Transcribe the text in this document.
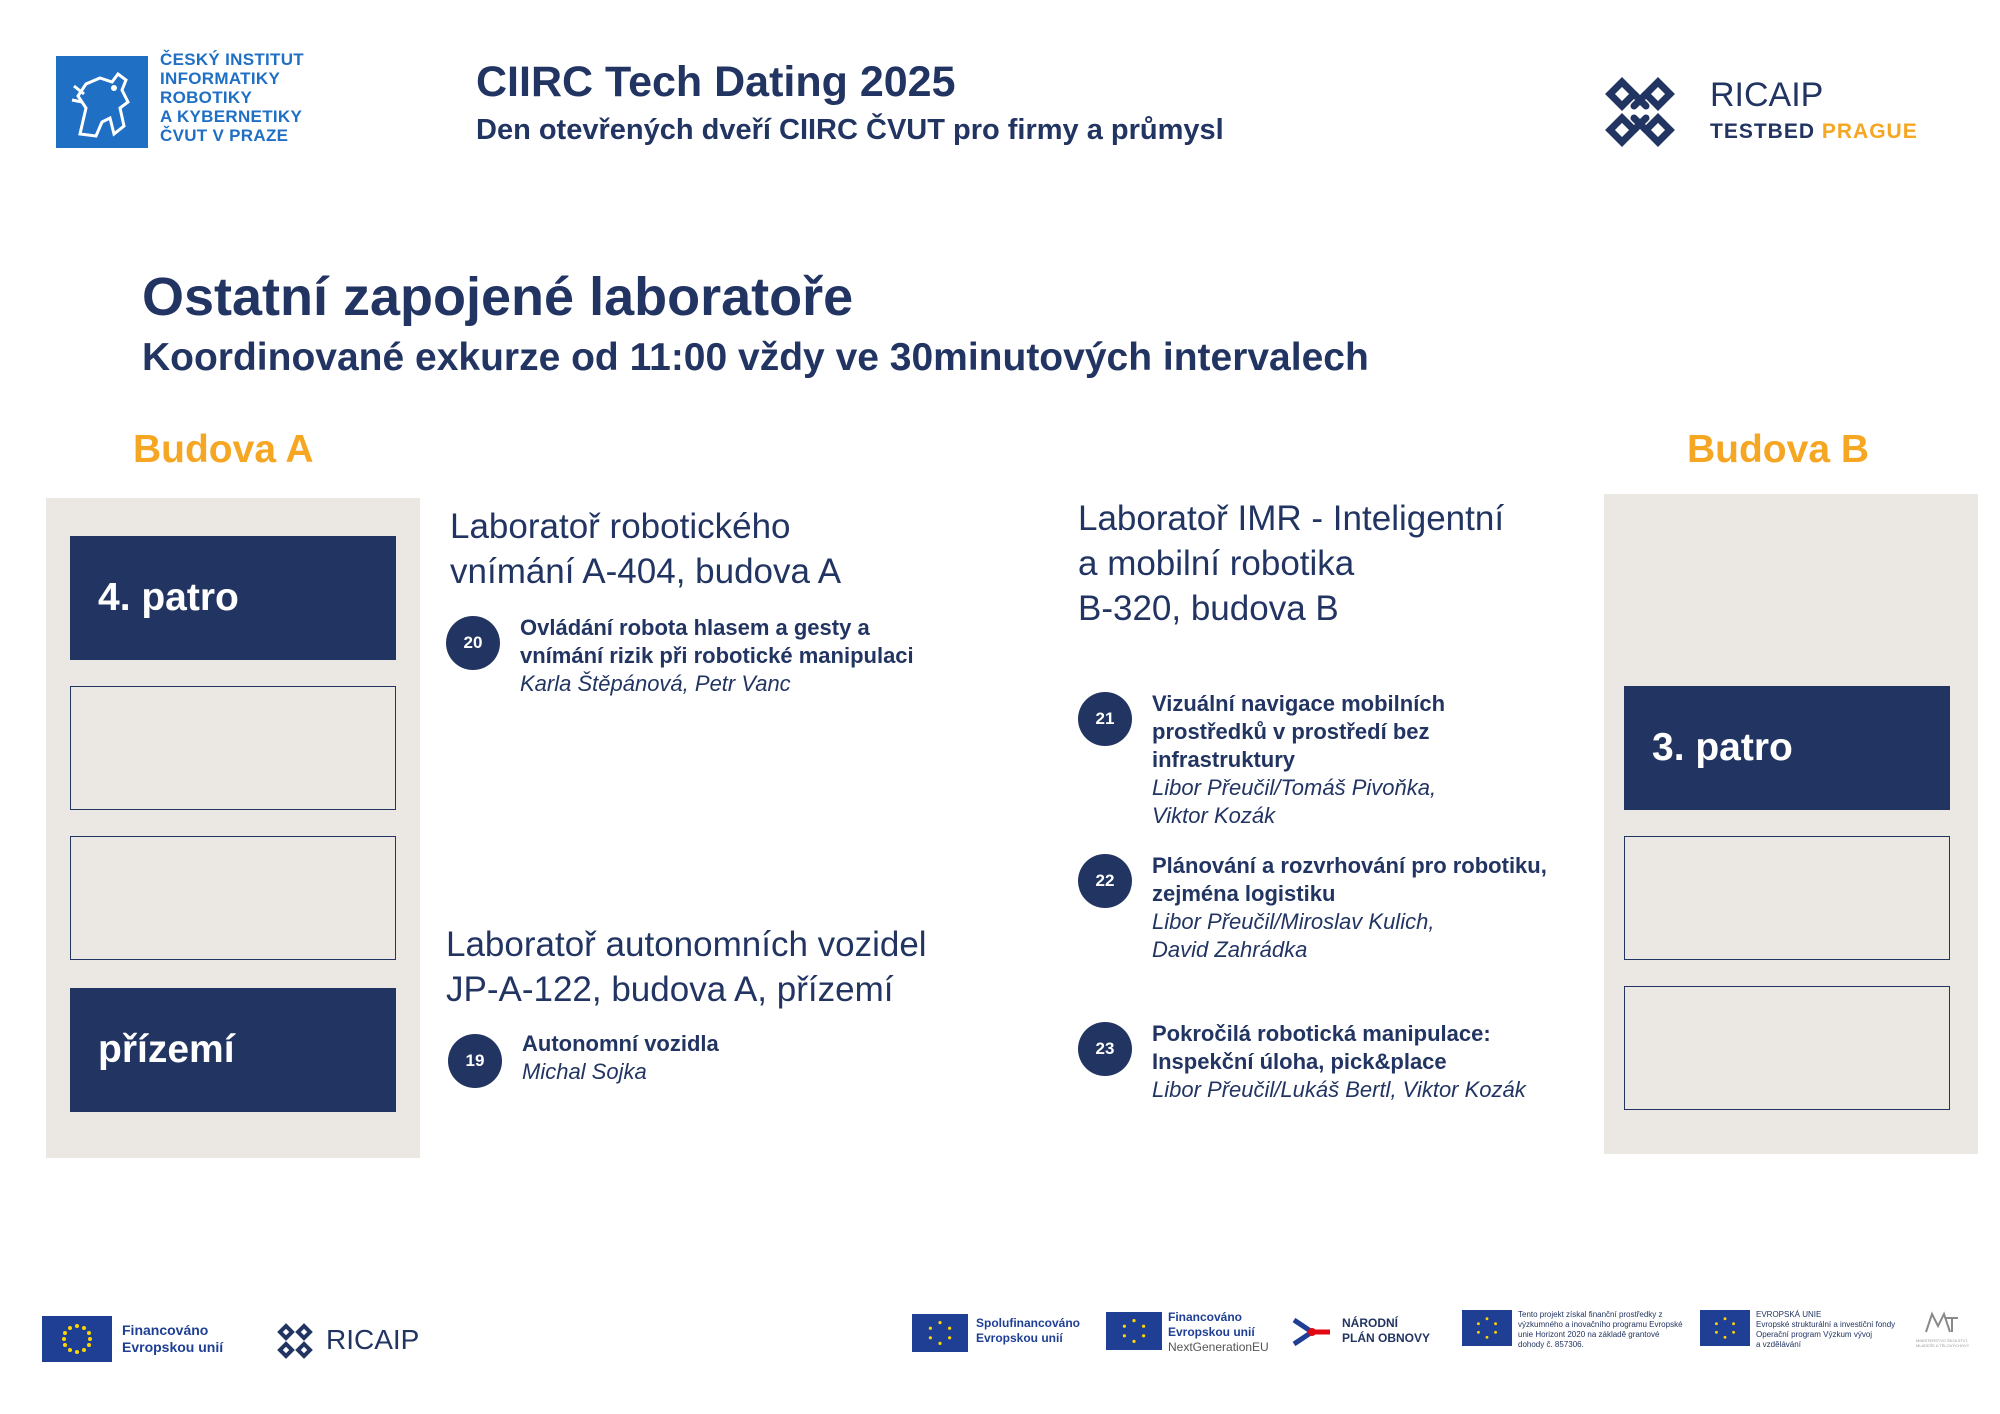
ČESKÝ INSTITUT
INFORMATIKY
ROBOTIKY
A KYBERNETIKY
ČVUT V PRAZE
CIIRC Tech Dating 2025
Den otevřených dveří CIIRC ČVUT pro firmy a průmysl
RICAIP
TESTBED PRAGUE
Ostatní zapojené laboratoře
Koordinované exkurze od 11:00 vždy ve 30minutových intervalech
Budova A	Budova B
4. patro
přízemí
3. patro
Laboratoř robotického
vnímání A-404, budova A
20
Ovládání robota hlasem a gesty a
vnímání rizik při robotické manipulaci
Karla Štěpánová, Petr Vanc
Laboratoř autonomních vozidel
JP-A-122, budova A, přízemí
19
Autonomní vozidla
Michal Sojka
Laboratoř IMR - Inteligentní
a mobilní robotika
B-320, budova B
21
Vizuální navigace mobilních
prostředků v prostředí bez
infrastruktury
Libor Přeučil/Tomáš Pivoňka,
Viktor Kozák
22
Plánování a rozvrhování pro robotiku,
zejména logistiku
Libor Přeučil/Miroslav Kulich,
David Zahrádka
23
Pokročilá robotická manipulace:
Inspekční úloha, pick&place
Libor Přeučil/Lukáš Bertl, Viktor Kozák
Financováno
Evropskou unií	RICAIP
Spolufinancováno
Evropskou unií
Financováno
Evropskou unií
NextGenerationEU
NÁRODNÍ
PLÁN OBNOVY
Tento projekt získal finanční prostředky z
výzkumného a inovačního programu Evropské
unie Horizont 2020 na základě grantové
dohody č. 857306.
EVROPSKÁ UNIE
Evropské strukturální a investiční fondy
Operační program Výzkum vývoj
a vzdělávání	MINISTERSTVO ŠKOLSTVÍ,
MLÁDEŽE A TĚLOVÝCHOVY
